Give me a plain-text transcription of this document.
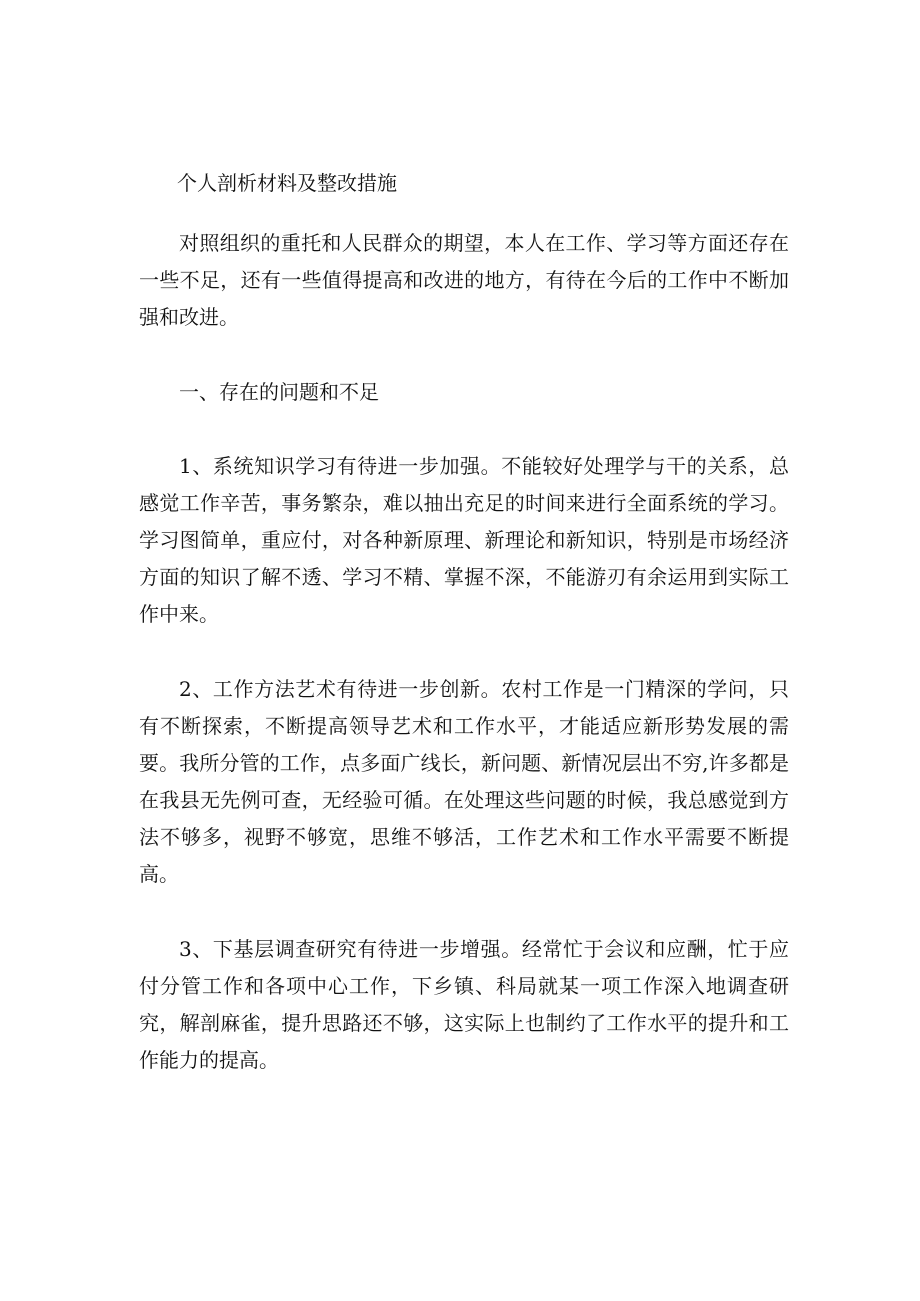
个人剖析材料及整改措施

对照组织的重托和人民群众的期望，本人在工作、学习等方面还存在一些不足，还有一些值得提高和改进的地方，有待在今后的工作中不断加强和改进。

一、存在的问题和不足

1、系统知识学习有待进一步加强。不能较好处理学与干的关系，总感觉工作辛苦，事务繁杂，难以抽出充足的时间来进行全面系统的学习。学习图简单，重应付，对各种新原理、新理论和新知识，特别是市场经济方面的知识了解不透、学习不精、掌握不深，不能游刃有余运用到实际工作中来。

2、工作方法艺术有待进一步创新。农村工作是一门精深的学问，只有不断探索，不断提高领导艺术和工作水平，才能适应新形势发展的需要。我所分管的工作，点多面广线长，新问题、新情况层出不穷,许多都是在我县无先例可查，无经验可循。在处理这些问题的时候，我总感觉到方法不够多，视野不够宽，思维不够活，工作艺术和工作水平需要不断提高。

3、下基层调查研究有待进一步增强。经常忙于会议和应酬，忙于应付分管工作和各项中心工作，下乡镇、科局就某一项工作深入地调查研究，解剖麻雀，提升思路还不够，这实际上也制约了工作水平的提升和工作能力的提高。
